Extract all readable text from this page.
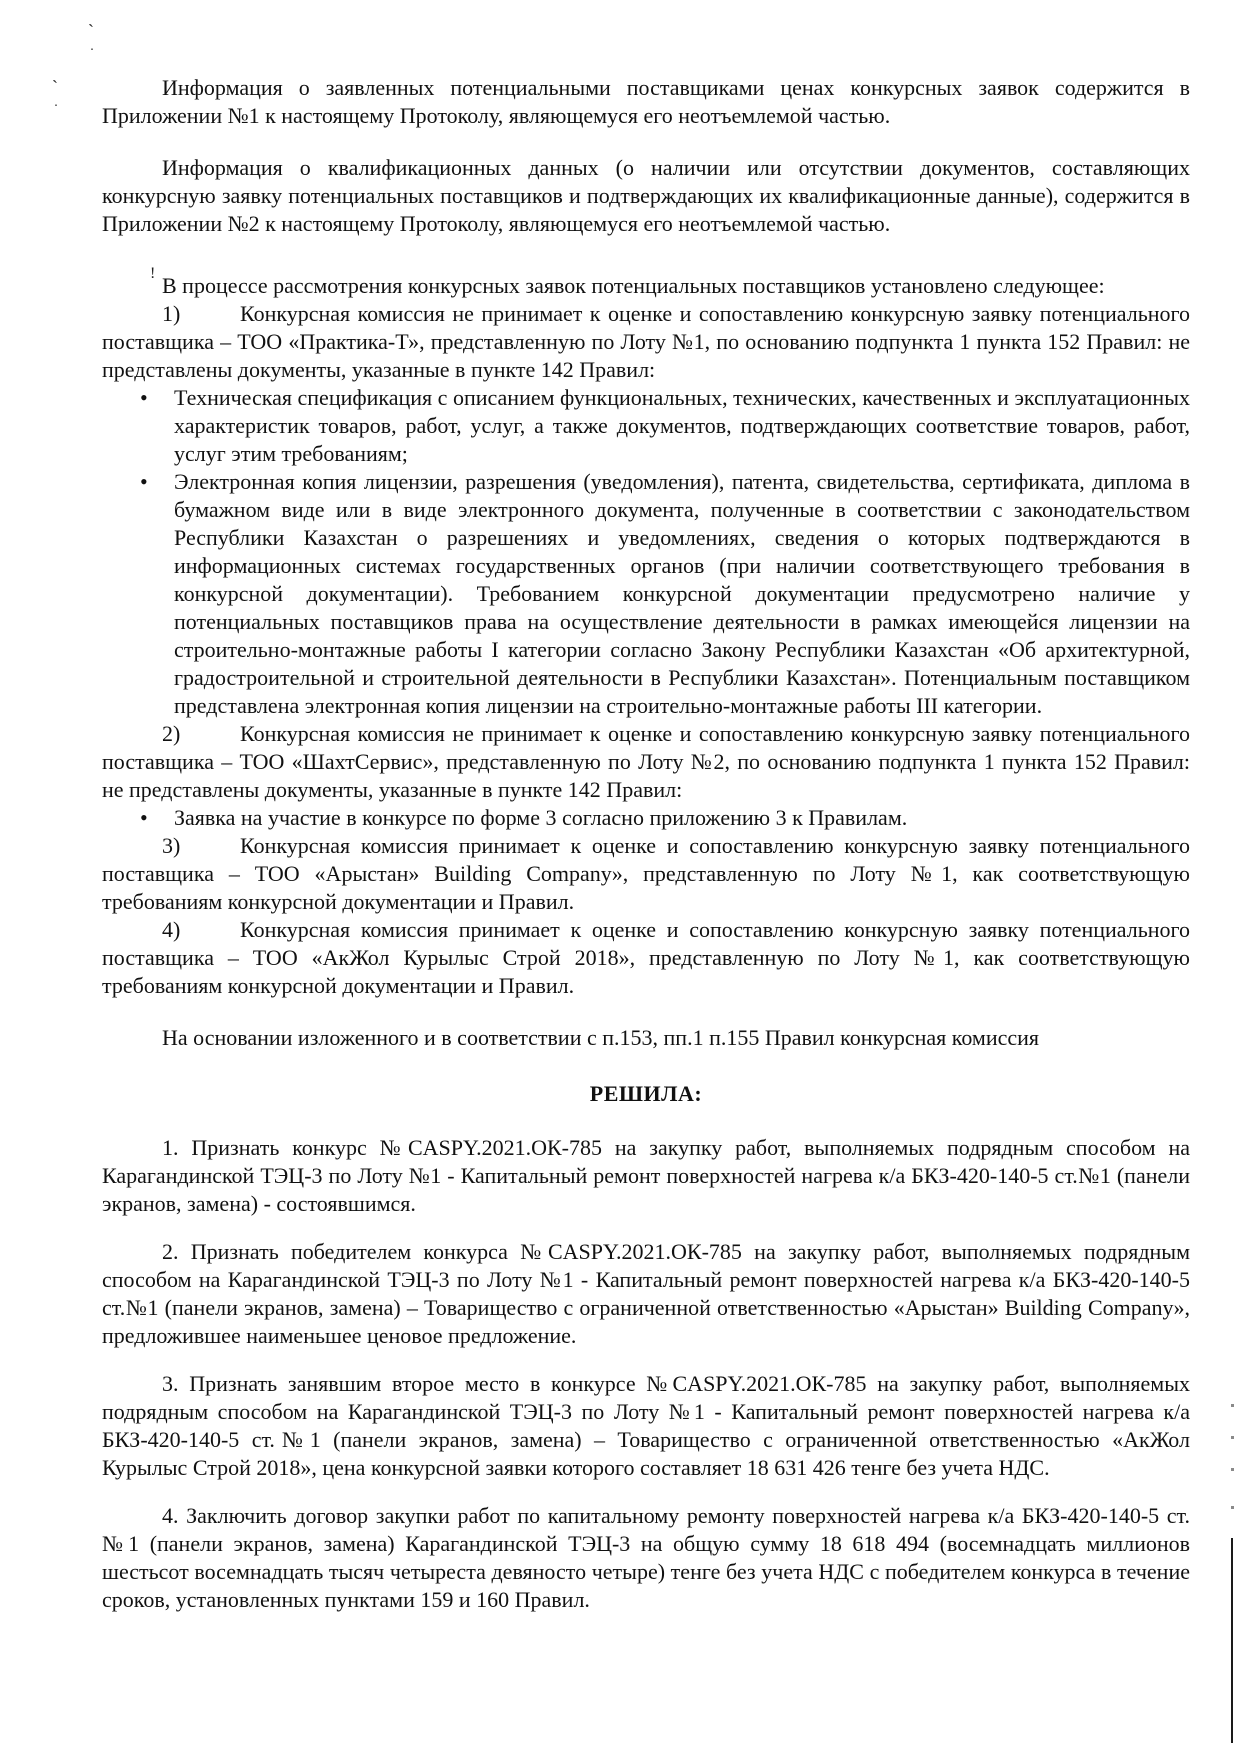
`
․
`
․
!

Информация о заявленных потенциальными поставщиками ценах конкурсных заявок содержится в Приложении №1 к настоящему Протоколу, являющемуся его неотъемлемой частью.

Информация о квалификационных данных (о наличии или отсутствии документов, составляющих конкурсную заявку потенциальных поставщиков и подтверждающих их квалификационные данные), содержится в Приложении №2 к настоящему Протоколу, являющемуся его неотъемлемой частью.

В процессе рассмотрения конкурсных заявок потенциальных поставщиков установлено следующее:

1)	Конкурсная комиссия не принимает к оценке и сопоставлению конкурсную заявку потенциального поставщика – ТОО «Практика-Т», представленную по Лоту №1, по основанию подпункта 1 пункта 152 Правил: не представлены документы, указанные в пункте 142 Правил:

• Техническая спецификация с описанием функциональных, технических, качественных и эксплуатационных характеристик товаров, работ, услуг, а также документов, подтверждающих соответствие товаров, работ, услуг этим требованиям;
• Электронная копия лицензии, разрешения (уведомления), патента, свидетельства, сертификата, диплома в бумажном виде или в виде электронного документа, полученные в соответствии с законодательством Республики Казахстан о разрешениях и уведомлениях, сведения о которых подтверждаются в информационных системах государственных органов (при наличии соответствующего требования в конкурсной документации). Требованием конкурсной документации предусмотрено наличие у потенциальных поставщиков права на осуществление деятельности в рамках имеющейся лицензии на строительно-монтажные работы I категории согласно Закону Республики Казахстан «Об архитектурной, градостроительной и строительной деятельности в Республики Казахстан». Потенциальным поставщиком представлена электронная копия лицензии на строительно-монтажные работы III категории.

2)	Конкурсная комиссия не принимает к оценке и сопоставлению конкурсную заявку потенциального поставщика – ТОО «ШахтСервис», представленную по Лоту №2, по основанию подпункта 1 пункта 152 Правил: не представлены документы, указанные в пункте 142 Правил:

• Заявка на участие в конкурсе по форме 3 согласно приложению 3 к Правилам.

3)	Конкурсная комиссия принимает к оценке и сопоставлению конкурсную заявку потенциального поставщика – ТОО «Арыстан» Building Company», представленную по Лоту №1, как соответствующую требованиям конкурсной документации и Правил.

4)	Конкурсная комиссия принимает к оценке и сопоставлению конкурсную заявку потенциального поставщика – ТОО «АкЖол Курылыс Строй 2018», представленную по Лоту №1, как соответствующую требованиям конкурсной документации и Правил.

На основании изложенного и в соответствии с п.153, пп.1 п.155 Правил конкурсная комиссия

РЕШИЛА:

1. Признать конкурс №CASPY.2021.ОК-785 на закупку работ, выполняемых подрядным способом на Карагандинской ТЭЦ-3 по Лоту №1 - Капитальный ремонт поверхностей нагрева к/а БКЗ-420-140-5 ст.№1 (панели экранов, замена) - состоявшимся.

2. Признать победителем конкурса №CASPY.2021.ОК-785 на закупку работ, выполняемых подрядным способом на Карагандинской ТЭЦ-3 по Лоту №1 - Капитальный ремонт поверхностей нагрева к/а БКЗ-420-140-5 ст.№1 (панели экранов, замена) – Товарищество с ограниченной ответственностью «Арыстан» Building Company», предложившее наименьшее ценовое предложение.

3. Признать занявшим второе место в конкурсе №CASPY.2021.ОК-785 на закупку работ, выполняемых подрядным способом на Карагандинской ТЭЦ-3 по Лоту №1 - Капитальный ремонт поверхностей нагрева к/а БКЗ-420-140-5 ст.№1 (панели экранов, замена) – Товарищество с ограниченной ответственностью «АкЖол Курылыс Строй 2018», цена конкурсной заявки которого составляет 18 631 426 тенге без учета НДС.

4. Заключить договор закупки работ по капитальному ремонту поверхностей нагрева к/а БКЗ-420-140-5 ст.№1 (панели экранов, замена) Карагандинской ТЭЦ-3 на общую сумму 18 618 494 (восемнадцать миллионов шестьсот восемнадцать тысяч четыреста девяносто четыре) тенге без учета НДС с победителем конкурса в течение сроков, установленных пунктами 159 и 160 Правил.
